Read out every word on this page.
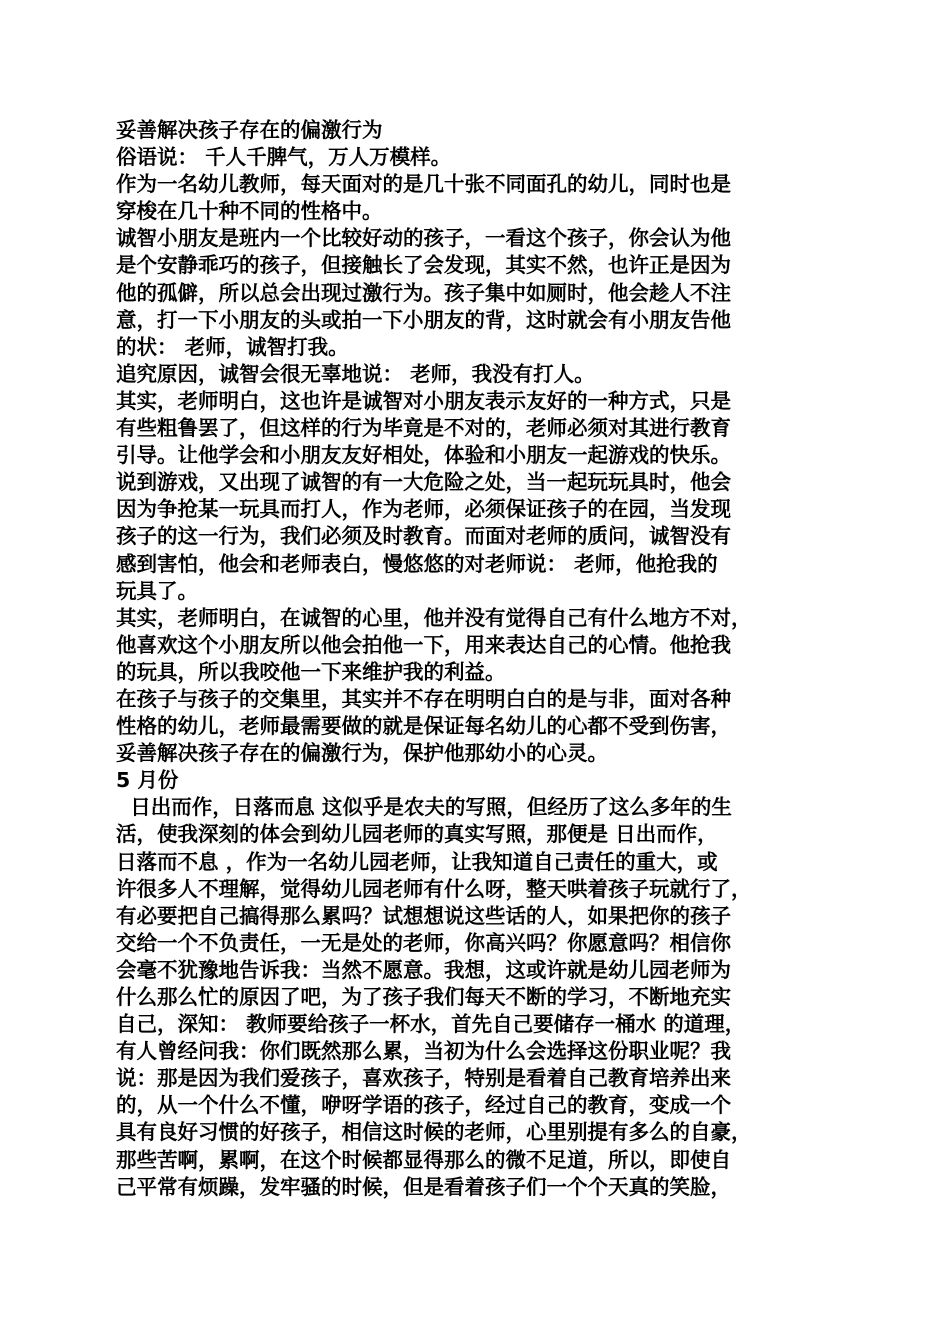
妥善解决孩子存在的偏激行为

俗语说： 千人千脾气，万人万模样。

作为一名幼儿教师，每天面对的是几十张不同面孔的幼儿，同时也是

穿梭在几十种不同的性格中。

诚智小朋友是班内一个比较好动的孩子，一看这个孩子，你会认为他

是个安静乖巧的孩子，但接触长了会发现，其实不然，也许正是因为

他的孤僻，所以总会出现过激行为。孩子集中如厕时，他会趁人不注

意，打一下小朋友的头或拍一下小朋友的背，这时就会有小朋友告他

的状： 老师，诚智打我。

追究原因，诚智会很无辜地说： 老师，我没有打人。

其实，老师明白，这也许是诚智对小朋友表示友好的一种方式，只是

有些粗鲁罢了，但这样的行为毕竟是不对的，老师必须对其进行教育

引导。让他学会和小朋友友好相处，体验和小朋友一起游戏的快乐。

说到游戏，又出现了诚智的有一大危险之处，当一起玩玩具时，他会

因为争抢某一玩具而打人，作为老师，必须保证孩子的在园，当发现

孩子的这一行为，我们必须及时教育。而面对老师的质问，诚智没有

感到害怕，他会和老师表白，慢悠悠的对老师说： 老师，他抢我的

玩具了。

其实，老师明白，在诚智的心里，他并没有觉得自己有什么地方不对，

他喜欢这个小朋友所以他会拍他一下，用来表达自己的心情。他抢我

的玩具，所以我咬他一下来维护我的利益。

在孩子与孩子的交集里，其实并不存在明明白白的是与非，面对各种

性格的幼儿，老师最需要做的就是保证每名幼儿的心都不受到伤害，

妥善解决孩子存在的偏激行为，保护他那幼小的心灵。

5 月份

日出而作，日落而息 这似乎是农夫的写照，但经历了这么多年的生

活，使我深刻的体会到幼儿园老师的真实写照，那便是 日出而作，

日落而不息 ，作为一名幼儿园老师，让我知道自己责任的重大，或

许很多人不理解，觉得幼儿园老师有什么呀，整天哄着孩子玩就行了，

有必要把自己搞得那么累吗？试想想说这些话的人，如果把你的孩子

交给一个不负责任，一无是处的老师，你高兴吗？你愿意吗？相信你

会毫不犹豫地告诉我：当然不愿意。我想，这或许就是幼儿园老师为

什么那么忙的原因了吧，为了孩子我们每天不断的学习，不断地充实

自己，深知： 教师要给孩子一杯水，首先自己要储存一桶水 的道理，

有人曾经问我：你们既然那么累，当初为什么会选择这份职业呢？我

说：那是因为我们爱孩子，喜欢孩子，特别是看着自己教育培养出来

的，从一个什么不懂，咿呀学语的孩子，经过自己的教育，变成一个

具有良好习惯的好孩子，相信这时候的老师，心里别提有多么的自豪，

那些苦啊，累啊，在这个时候都显得那么的微不足道，所以，即使自

己平常有烦躁，发牢骚的时候，但是看着孩子们一个个天真的笑脸，
